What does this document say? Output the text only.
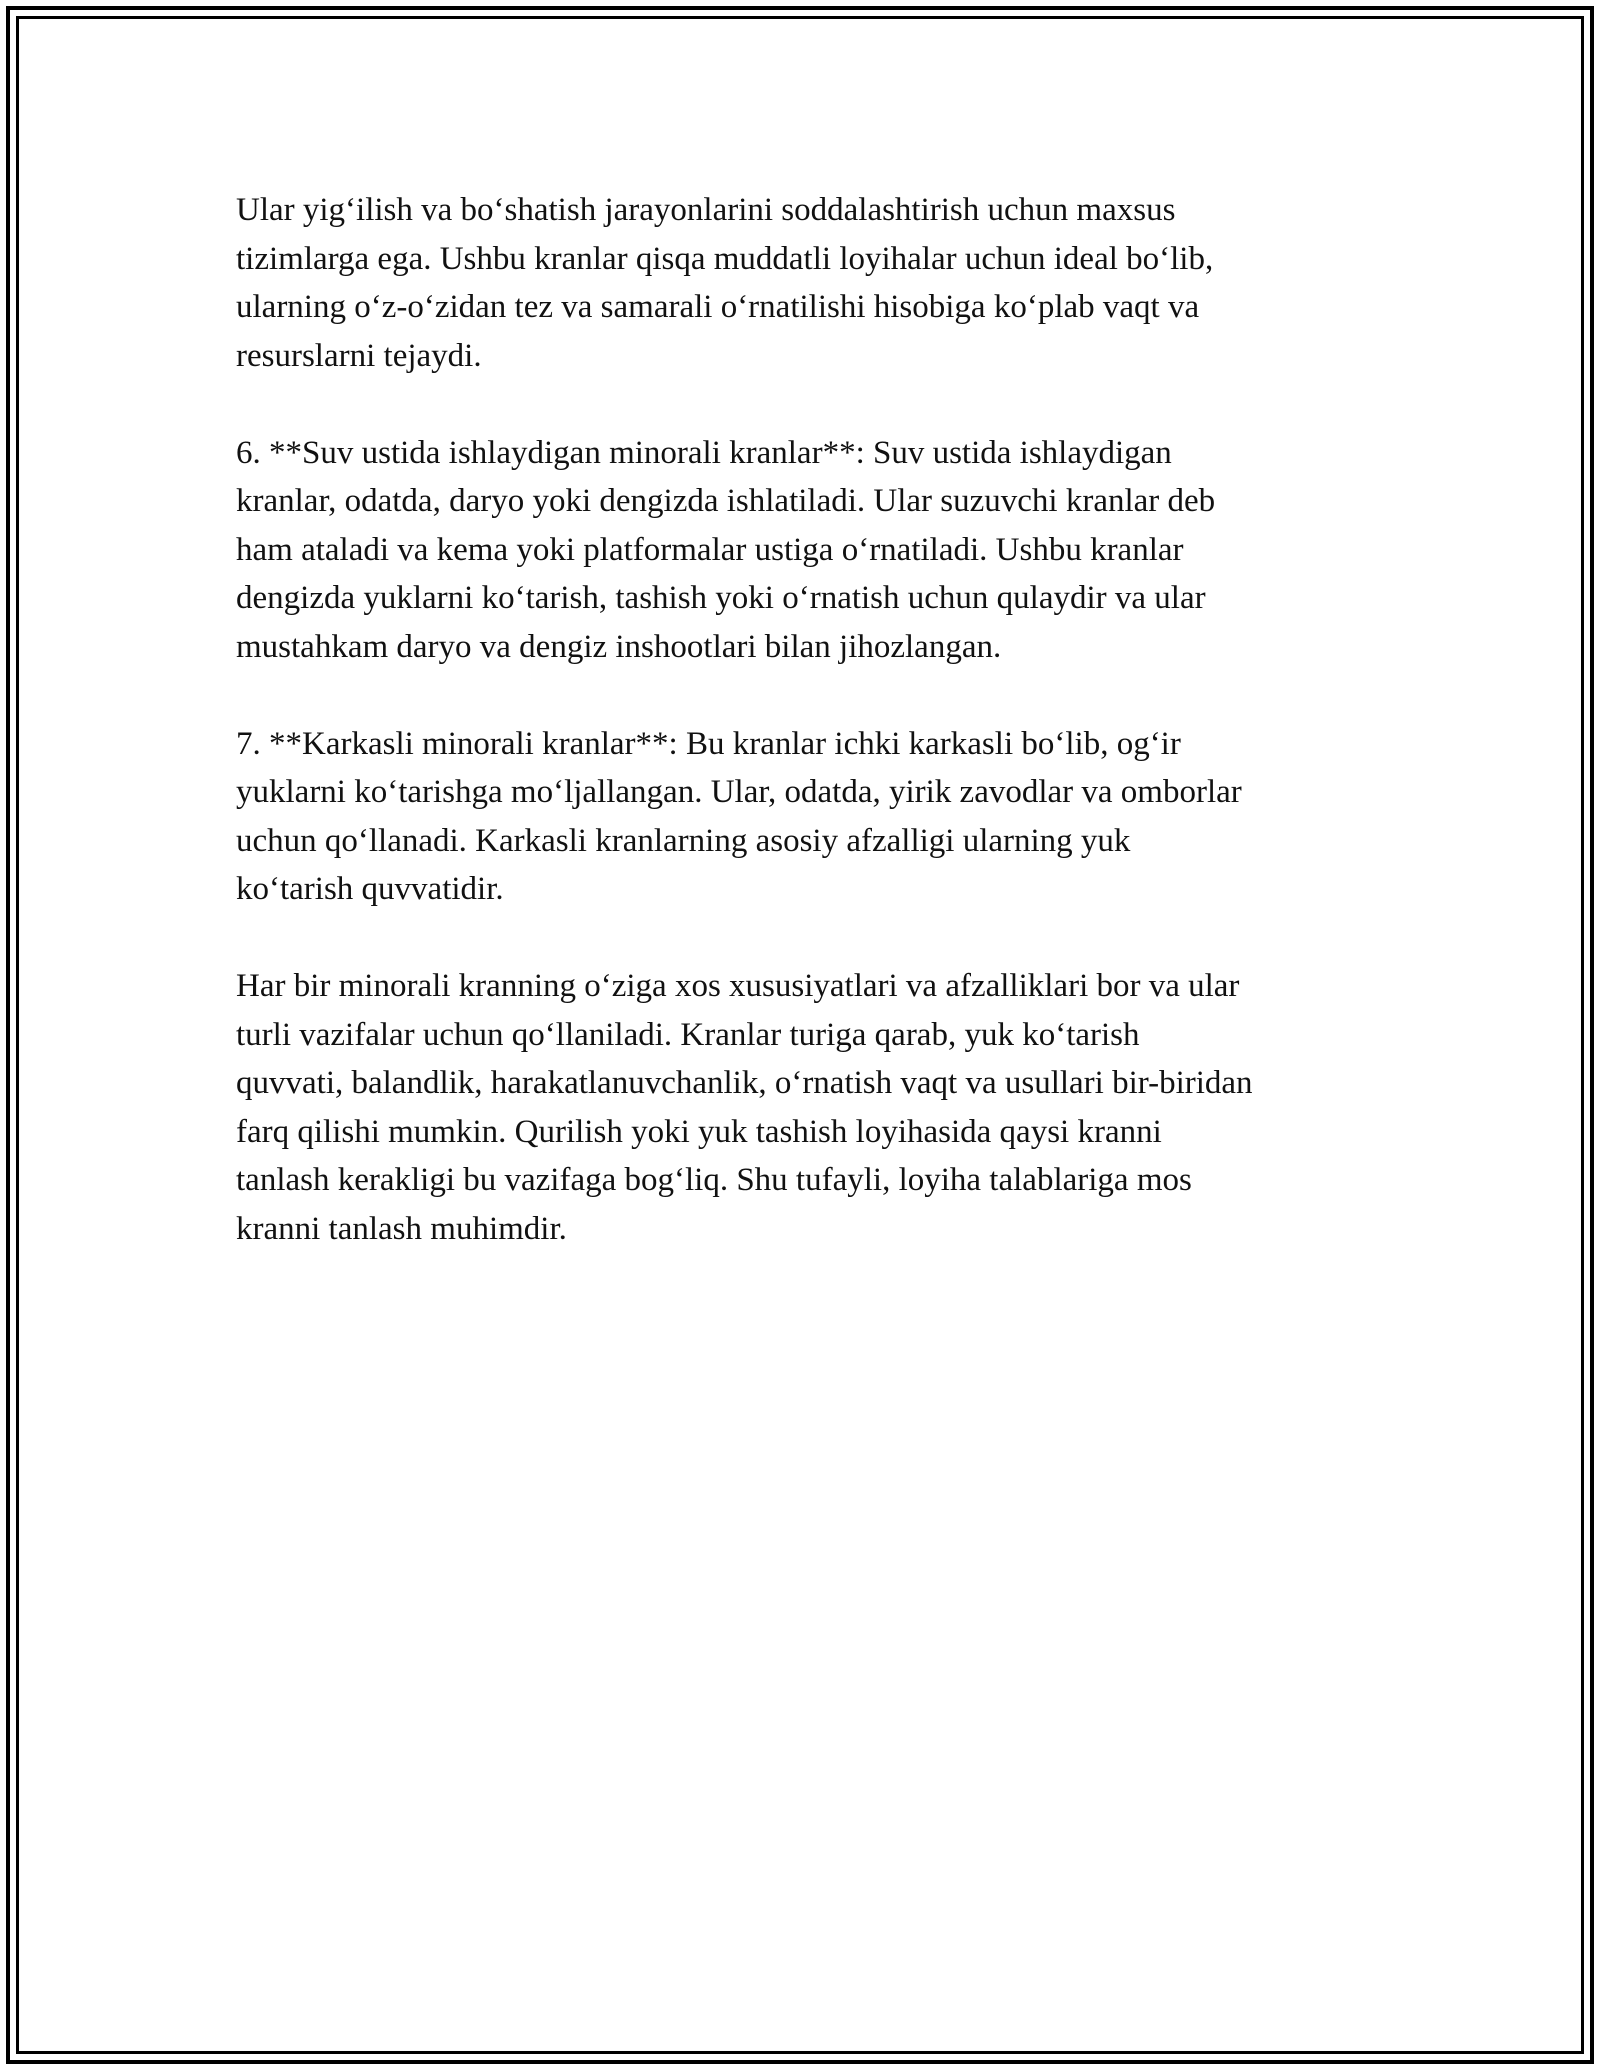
Ular yig‘ilish va bo‘shatish jarayonlarini soddalashtirish uchun maxsus
tizimlarga ega. Ushbu kranlar qisqa muddatli loyihalar uchun ideal bo‘lib,
ularning o‘z-o‘zidan tez va samarali o‘rnatilishi hisobiga ko‘plab vaqt va
resurslarni tejaydi.

6. **Suv ustida ishlaydigan minorali kranlar**: Suv ustida ishlaydigan
kranlar, odatda, daryo yoki dengizda ishlatiladi. Ular suzuvchi kranlar deb
ham ataladi va kema yoki platformalar ustiga o‘rnatiladi. Ushbu kranlar
dengizda yuklarni ko‘tarish, tashish yoki o‘rnatish uchun qulaydir va ular
mustahkam daryo va dengiz inshootlari bilan jihozlangan.

7. **Karkasli minorali kranlar**: Bu kranlar ichki karkasli bo‘lib, og‘ir
yuklarni ko‘tarishga mo‘ljallangan. Ular, odatda, yirik zavodlar va omborlar
uchun qo‘llanadi. Karkasli kranlarning asosiy afzalligi ularning yuk
ko‘tarish quvvatidir.

Har bir minorali kranning o‘ziga xos xususiyatlari va afzalliklari bor va ular
turli vazifalar uchun qo‘llaniladi. Kranlar turiga qarab, yuk ko‘tarish
quvvati, balandlik, harakatlanuvchanlik, o‘rnatish vaqt va usullari bir-biridan
farq qilishi mumkin. Qurilish yoki yuk tashish loyihasida qaysi kranni
tanlash kerakligi bu vazifaga bog‘liq. Shu tufayli, loyiha talablariga mos
kranni tanlash muhimdir.
